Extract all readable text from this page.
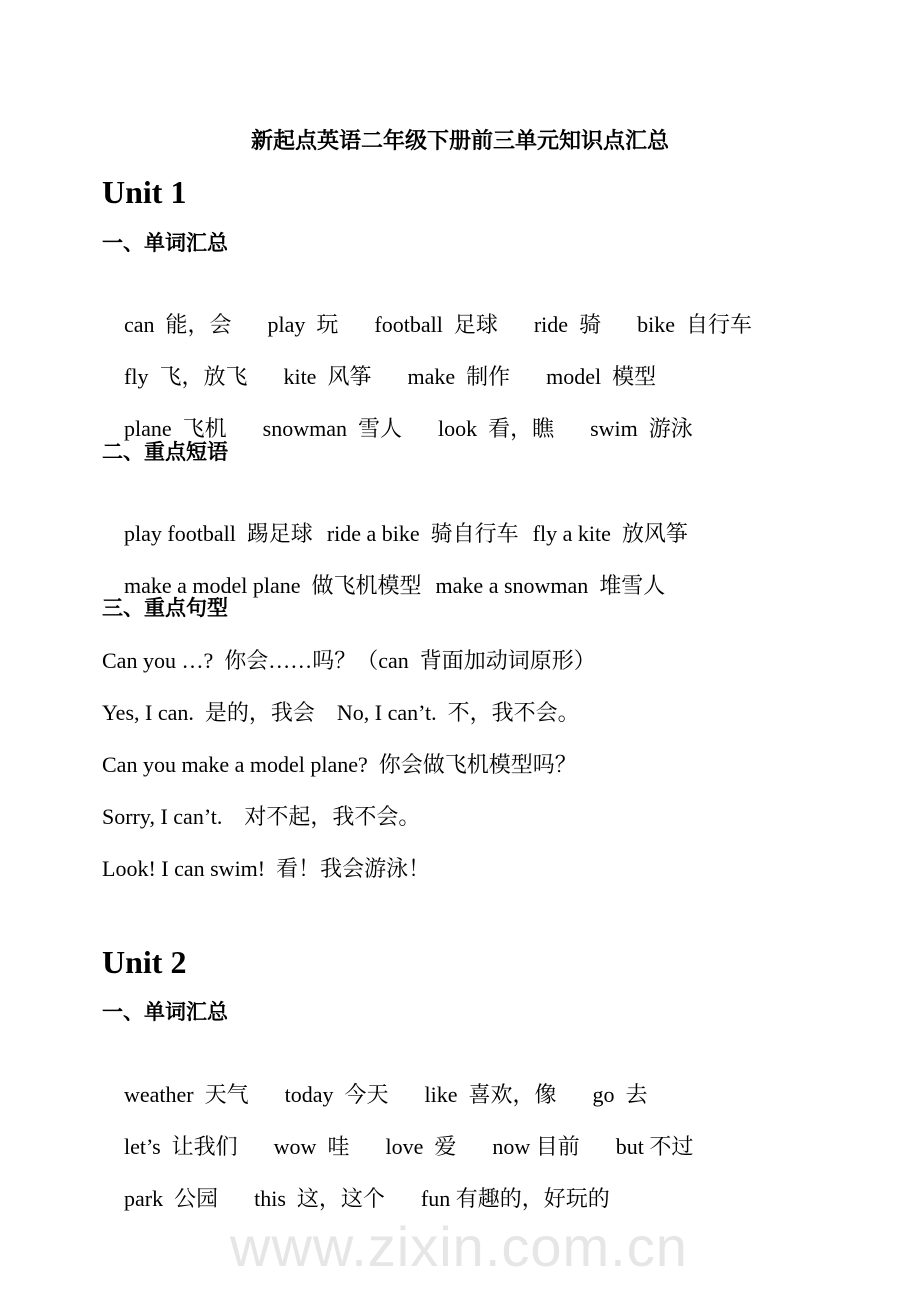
新起点英语二年级下册前三单元知识点汇总
Unit 1
一、单词汇总

can  能，会 play  玩 football  足球 ride  骑 bike  自行车

fly  飞，放飞 kite  风筝 make  制作 model  模型

plane  飞机 snowman  雪人 look  看，瞧 swim  游泳

二、重点短语

play football  踢足球 ride a bike  骑自行车 fly a kite  放风筝

make a model plane  做飞机模型 make a snowman  堆雪人

三、重点句型
Can you …?  你会……吗？（can  背面加动词原形）
Yes, I can.  是的，我会    No, I can’t.  不，我不会。
Can you make a model plane?  你会做飞机模型吗？
Sorry, I can’t.    对不起，我不会。
Look! I can swim!  看！我会游泳！
Unit 2
一、单词汇总

weather  天气 today  今天 like  喜欢，像 go  去

let’s  让我们 wow  哇 love  爱 now 目前 but 不过

park  公园 this  这，这个 fun 有趣的，好玩的

www.zixin.com.cn
